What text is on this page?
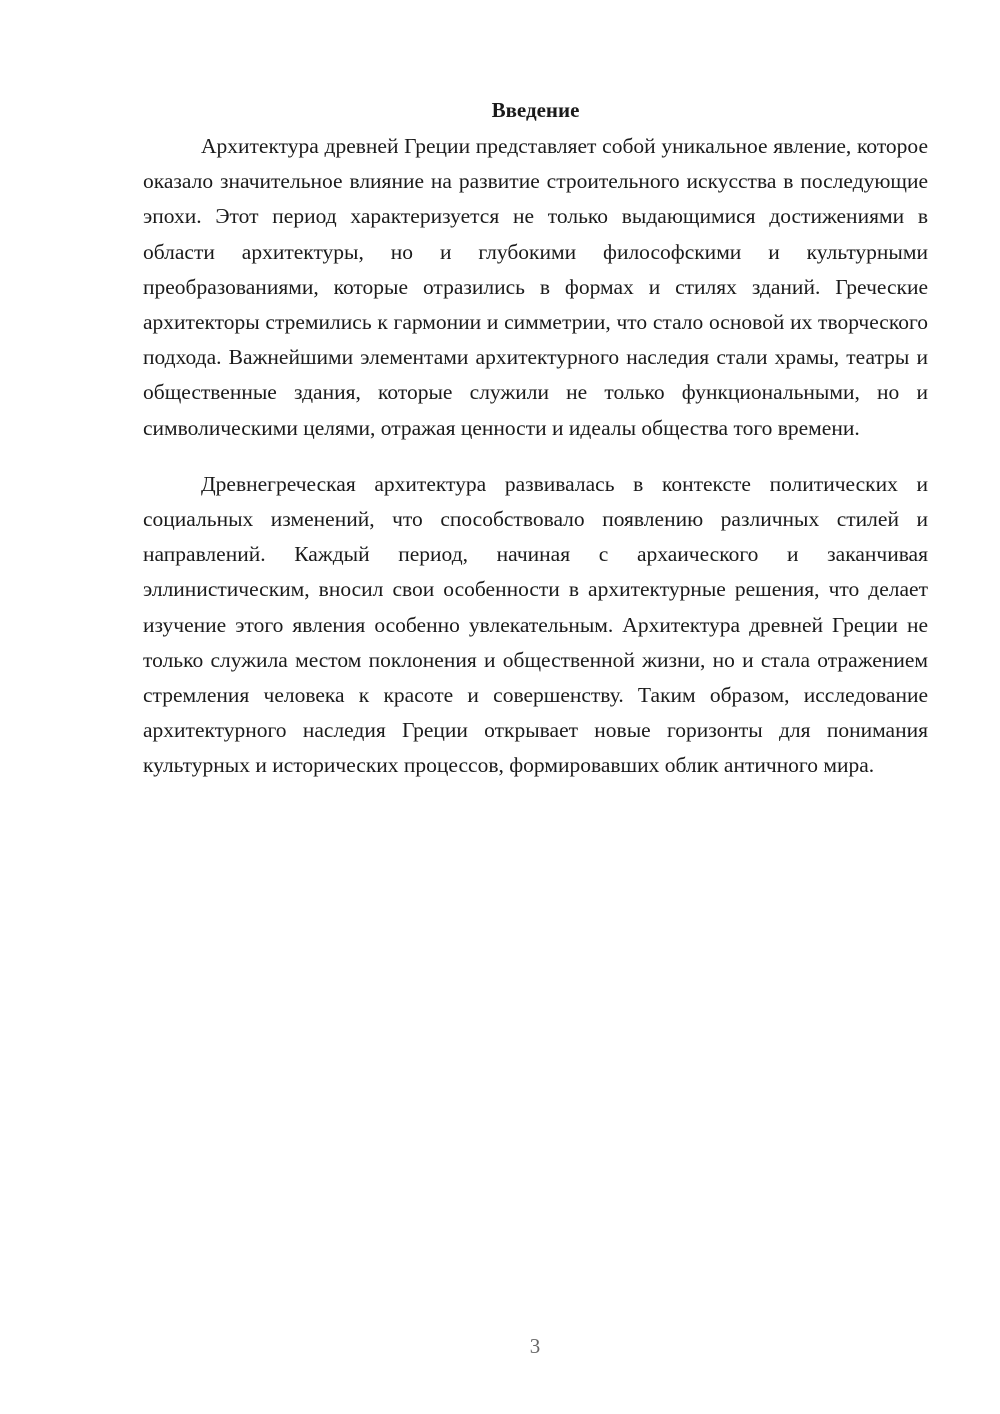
Введение

Архитектура древней Греции представляет собой уникальное явление, которое оказало значительное влияние на развитие строительного искусства в последующие эпохи. Этот период характеризуется не только выдающимися достижениями в области архитектуры, но и глубокими философскими и культурными преобразованиями, которые отразились в формах и стилях зданий. Греческие архитекторы стремились к гармонии и симметрии, что стало основой их творческого подхода. Важнейшими элементами архитектурного наследия стали храмы, театры и общественные здания, которые служили не только функциональными, но и символическими целями, отражая ценности и идеалы общества того времени.

Древнегреческая архитектура развивалась в контексте политических и социальных изменений, что способствовало появлению различных стилей и направлений. Каждый период, начиная с архаического и заканчивая эллинистическим, вносил свои особенности в архитектурные решения, что делает изучение этого явления особенно увлекательным. Архитектура древней Греции не только служила местом поклонения и общественной жизни, но и стала отражением стремления человека к красоте и совершенству. Таким образом, исследование архитектурного наследия Греции открывает новые горизонты для понимания культурных и исторических процессов, формировавших облик античного мира.

3
